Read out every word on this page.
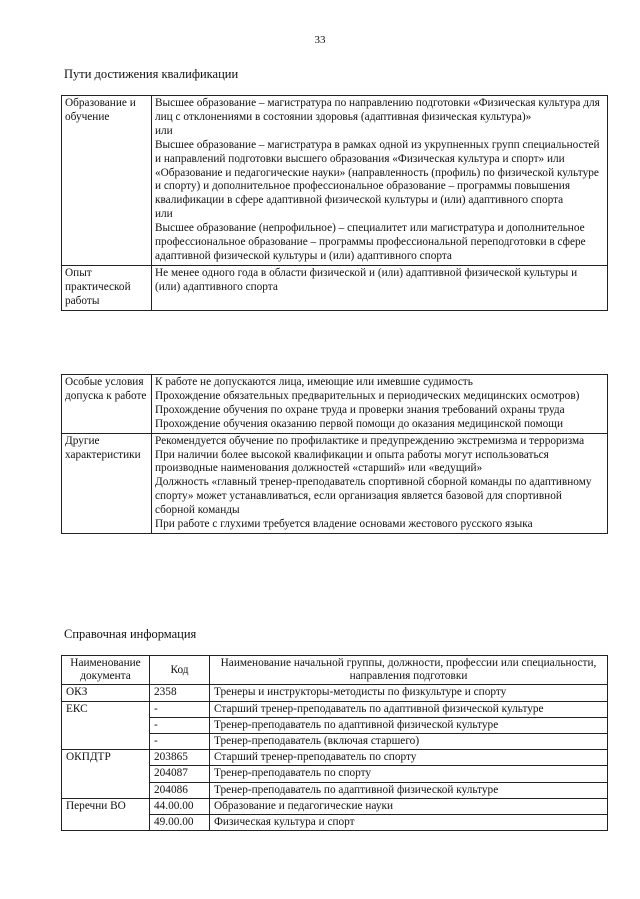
33
Пути достижения квалификации
Образование и обучение	Высшее образование – магистратура по направлению подготовки «Физическая культура для лиц с отклонениями в состоянии здоровья (адаптивная физическая культура)»
или
Высшее образование – магистратура в рамках одной из укрупненных групп специальностей и направлений подготовки высшего образования «Физическая культура и спорт» или «Образование и педагогические науки» (направленность (профиль) по физической культуре и спорту) и дополнительное профессиональное образование – программы повышения квалификации в сфере адаптивной физической культуры и (или) адаптивного спорта
или
Высшее образование (непрофильное) – специалитет или магистратура и дополнительное профессиональное образование – программы профессиональной переподготовки в сфере адаптивной физической культуры и (или) адаптивного спорта

Опыт практической работы	Не менее одного года в области физической и (или) адаптивной физической культуры и (или) адаптивного спорта
Особые условия допуска к работе	К работе не допускаются лица, имеющие или имевшие судимость
Прохождение обязательных предварительных и периодических медицинских осмотров)
Прохождение обучения по охране труда и проверки знания требований охраны труда
Прохождение обучения оказанию первой помощи до оказания медицинской помощи

Другие характеристики	Рекомендуется обучение по профилактике и предупреждению экстремизма и терроризма
При наличии более высокой квалификации и опыта работы могут использоваться производные наименования должностей «старший» или «ведущий»
Должность «главный тренер-преподаватель спортивной сборной команды по адаптивному спорту» может устанавливаться, если организация является базовой для спортивной сборной команды
При работе с глухими требуется владение основами жестового русского языка
Справочная информация
Наименование документа	Код	Наименование начальной группы, должности, профессии или специальности, направления подготовки
ОКЗ	2358	Тренеры и инструкторы-методисты по физкультуре и спорту
ЕКС	-	Старший тренер-преподаватель по адаптивной физической культуре
	-	Тренер-преподаватель по адаптивной физической культуре
	-	Тренер-преподаватель (включая старшего)
ОКПДТР	203865	Старший тренер-преподаватель по спорту
	204087	Тренер-преподаватель по спорту
	204086	Тренер-преподаватель по адаптивной физической культуре
Перечни ВО	44.00.00	Образование и педагогические науки
	49.00.00	Физическая культура и спорт
